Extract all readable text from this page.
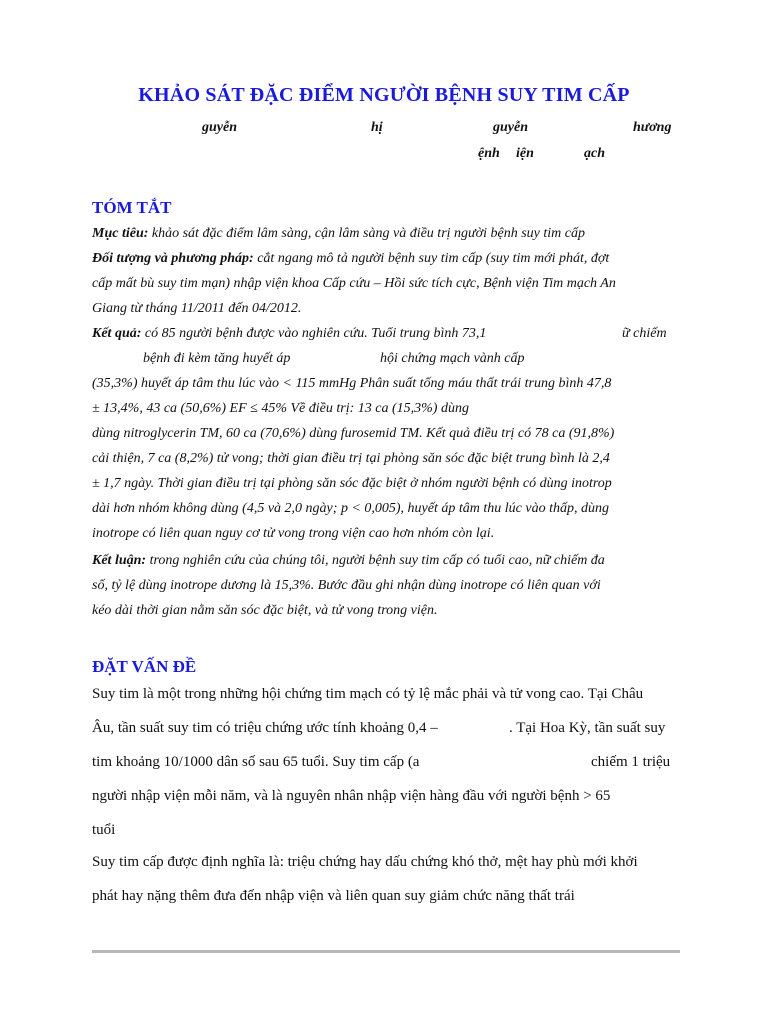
KHẢO SÁT ĐẶC ĐIỂM NGƯỜI BỆNH SUY TIM CẤP
guyễn	hị	guyễn	hương
ệnh iện	ạch
TÓM TẮT
Mục tiêu: khảo sát đặc điểm lâm sàng, cận lâm sàng và điều trị người bệnh suy tim cấp
Đối tượng và phương pháp: cắt ngang mô tả người bệnh suy tim cấp (suy tim mới phát, đợt
cấp mất bù suy tim mạn) nhập viện khoa Cấp cứu – Hồi sức tích cực, Bệnh viện Tim mạch An
Giang từ tháng 11/2011 đến 04/2012.
Kết quả: có 85 người bệnh được vào nghiên cứu. Tuổi trung bình 73,1	ữ chiếm
bệnh đi kèm tăng huyết áp	hội chứng mạch vành cấp
(35,3%) huyết áp tâm thu lúc vào < 115 mmHg Phân suất tống máu thất trái trung bình 47,8
± 13,4%, 43 ca (50,6%) EF ≤ 45% Về điều trị: 13 ca (15,3%) dùng
dùng nitroglycerin TM, 60 ca (70,6%) dùng furosemid TM. Kết quả điều trị có 78 ca (91,8%)
cải thiện, 7 ca (8,2%) tử vong; thời gian điều trị tại phòng săn sóc đặc biệt trung bình là 2,4
± 1,7 ngày. Thời gian điều trị tại phòng săn sóc đặc biệt ở nhóm người bệnh có dùng inotrop
dài hơn nhóm không dùng (4,5 và 2,0 ngày; p < 0,005), huyết áp tâm thu lúc vào thấp, dùng
inotrope có liên quan nguy cơ tử vong trong viện cao hơn nhóm còn lại.
Kết luận: trong nghiên cứu của chúng tôi, người bệnh suy tim cấp có tuổi cao, nữ chiếm đa
số, tỷ lệ dùng inotrope dương là 15,3%. Bước đầu ghi nhận dùng inotrope có liên quan với
kéo dài thời gian nằm săn sóc đặc biệt, và tử vong trong viện.
ĐẶT VẤN ĐỀ
Suy tim là một trong những hội chứng tim mạch có tỷ lệ mắc phải và tử vong cao. Tại Châu
Âu, tần suất suy tim có triệu chứng ước tính khoảng 0,4 –	. Tại Hoa Kỳ, tần suất suy
tim khoảng 10/1000 dân số sau 65 tuổi. Suy tim cấp (a	chiếm 1 triệu
người nhập viện mỗi năm, và là nguyên nhân nhập viện hàng đầu với người bệnh > 65
tuổi
Suy tim cấp được định nghĩa là: triệu chứng hay dấu chứng khó thở, mệt hay phù mới khởi
phát hay nặng thêm đưa đến nhập viện và liên quan suy giảm chức năng thất trái
